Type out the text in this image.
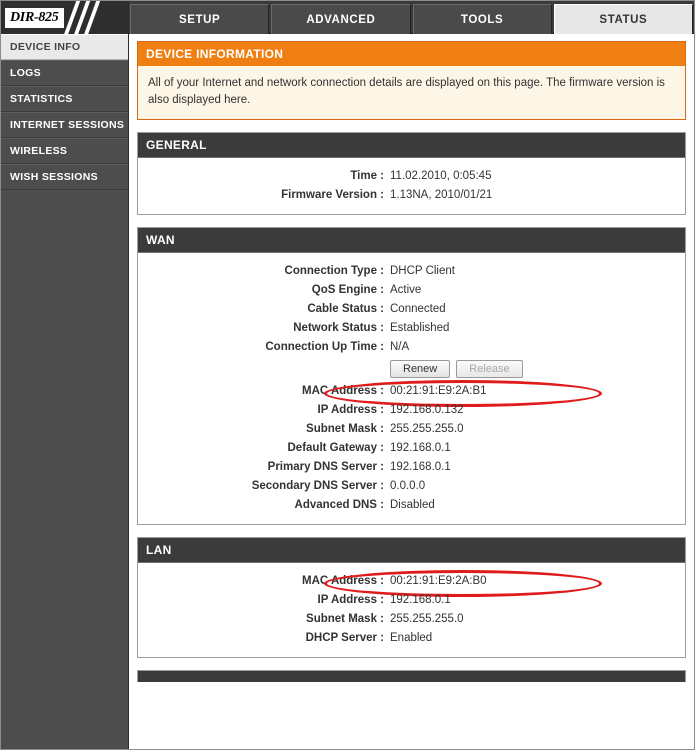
DIR-825	SETUP	ADVANCED	TOOLS	STATUS
DEVICE INFO
LOGS
STATISTICS
INTERNET SESSIONS
WIRELESS
WISH SESSIONS
DEVICE INFORMATION
All of your Internet and network connection details are displayed on this page. The firmware version is also displayed here.
GENERAL
Time : 11.02.2010, 0:05:45
Firmware Version : 1.13NA, 2010/01/21
WAN
Connection Type : DHCP Client
QoS Engine : Active
Cable Status : Connected
Network Status : Established
Connection Up Time : N/A
Renew	Release
MAC Address : 00:21:91:E9:2A:B1
IP Address : 192.168.0.132
Subnet Mask : 255.255.255.0
Default Gateway : 192.168.0.1
Primary DNS Server : 192.168.0.1
Secondary DNS Server : 0.0.0.0
Advanced DNS : Disabled
LAN
MAC Address : 00:21:91:E9:2A:B0
IP Address : 192.168.0.1
Subnet Mask : 255.255.255.0
DHCP Server : Enabled
